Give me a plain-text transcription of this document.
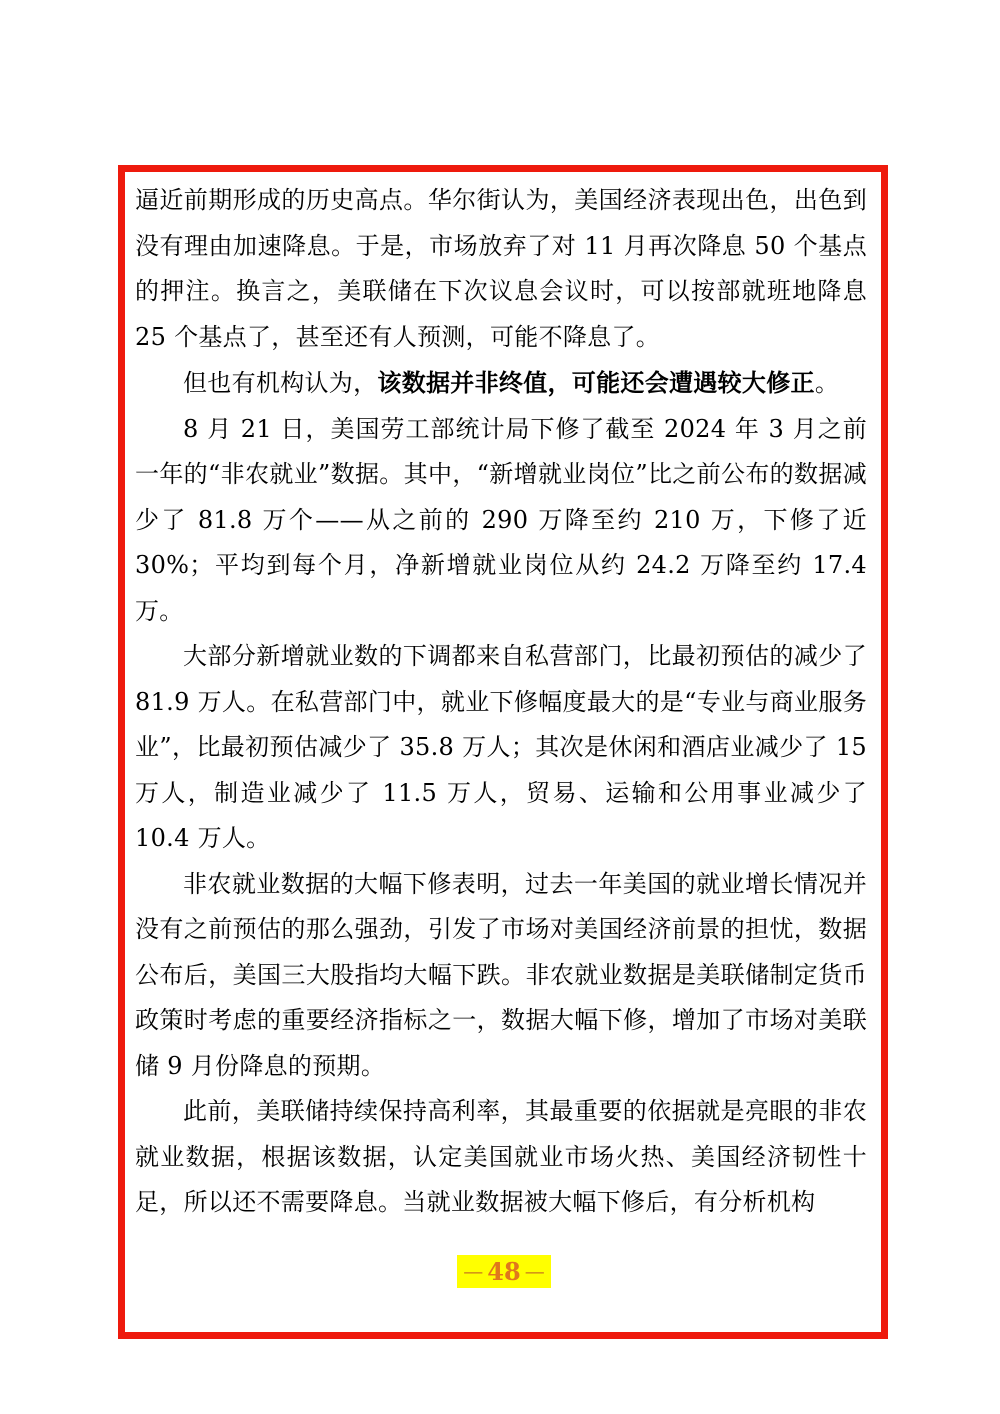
逼近前期形成的历史高点。华尔街认为，美国经济表现出色，出色到没有理由加速降息。于是，市场放弃了对 11 月再次降息 50 个基点的押注。换言之，美联储在下次议息会议时，可以按部就班地降息 25 个基点了，甚至还有人预测，可能不降息了。

但也有机构认为，该数据并非终值，可能还会遭遇较大修正。

8 月 21 日，美国劳工部统计局下修了截至 2024 年 3 月之前一年的“非农就业”数据。其中，“新增就业岗位”比之前公布的数据减少了 81.8 万个——从之前的 290 万降至约 210 万，下修了近 30%；平均到每个月，净新增就业岗位从约 24.2 万降至约 17.4 万。

大部分新增就业数的下调都来自私营部门，比最初预估的减少了 81.9 万人。在私营部门中，就业下修幅度最大的是“专业与商业服务业”，比最初预估减少了 35.8 万人；其次是休闲和酒店业减少了 15 万人，制造业减少了 11.5 万人，贸易、运输和公用事业减少了 10.4 万人。

非农就业数据的大幅下修表明，过去一年美国的就业增长情况并没有之前预估的那么强劲，引发了市场对美国经济前景的担忧，数据公布后，美国三大股指均大幅下跌。非农就业数据是美联储制定货币政策时考虑的重要经济指标之一，数据大幅下修，增加了市场对美联储 9 月份降息的预期。

此前，美联储持续保持高利率，其最重要的依据就是亮眼的非农就业数据，根据该数据，认定美国就业市场火热、美国经济韧性十足，所以还不需要降息。当就业数据被大幅下修后，有分析机构

— 48 —
